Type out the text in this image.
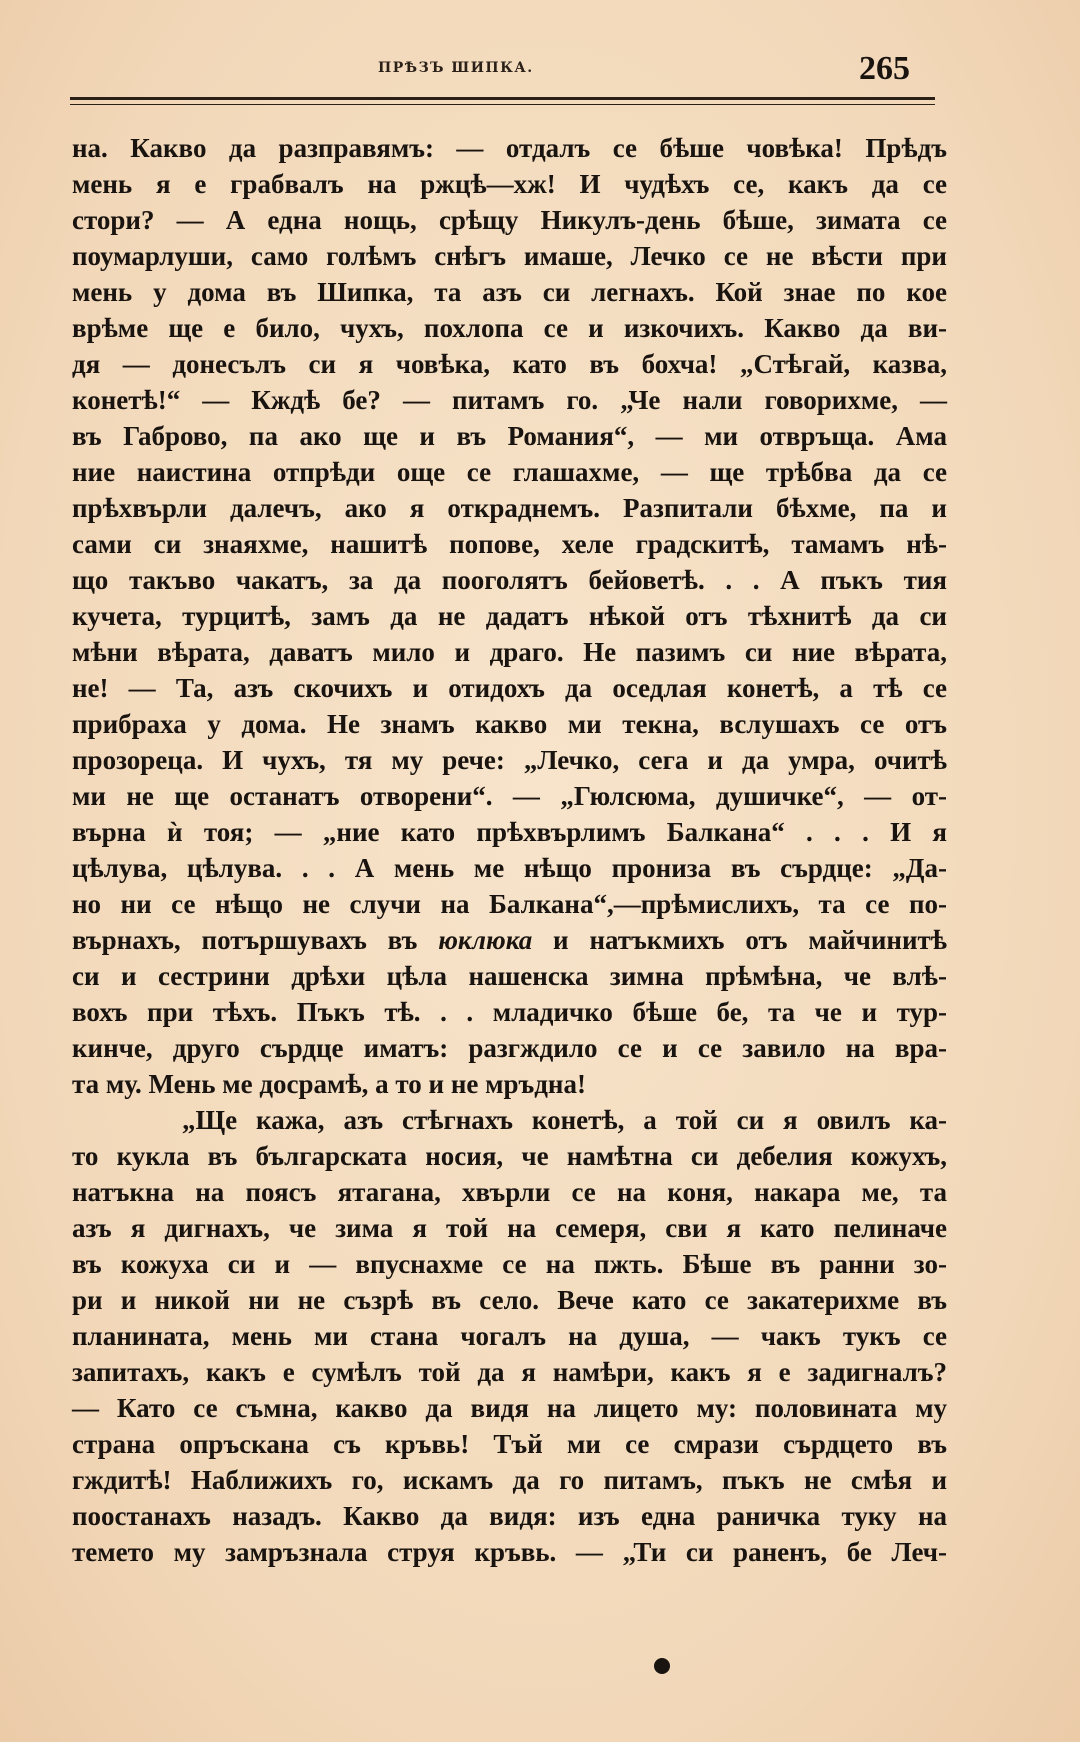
ПРѢЗЪ ШИПКА.	265
на. Какво да разправямъ: — отдалъ се бѣше човѣка! Прѣдъ
мень я е грабвалъ на ржцѣ—хж! И чудѣхъ се, какъ да се
стори? — А една нощь, срѣщу Никулъ-день бѣше, зимата се
поумарлуши, само голѣмъ снѣгъ имаше, Лечко се не вѣсти при
мень у дома въ Шипка, та азъ си легнахъ. Кой знае по кое
врѣме ще е било, чухъ, похлопа се и изкочихъ. Какво да ви-
дя — донесълъ си я човѣка, като въ бохча! „Стѣгай, казва,
конетѣ!“ — Кждѣ бе? — питамъ го. „Че нали говорихме, —
въ Габрово, па ако ще и въ Романия“, — ми отвръща. Ама
ние наистина отпрѣди още се глашахме, — ще трѣбва да се
прѣхвърли далечъ, ако я откраднемъ. Разпитали бѣхме, па и
сами си знаяхме, нашитѣ попове, хеле градскитѣ, тамамъ нѣ-
що такъво чакатъ, за да пооголятъ бейоветѣ. . . А пъкъ тия
кучета, турцитѣ, замъ да не дадатъ нѣкой отъ тѣхнитѣ да си
мѣни вѣрата, даватъ мило и драго. Не пазимъ си ние вѣрата,
не! — Та, азъ скочихъ и отидохъ да оседлая конетѣ, а тѣ се
прибраха у дома. Не знамъ какво ми текна, вслушахъ се отъ
прозореца. И чухъ, тя му рече: „Лечко, сега и да умра, очитѣ
ми не ще останатъ отворени“. — „Гюлсюма, душичке“, — от-
върна ѝ тоя; — „ние като прѣхвърлимъ Балкана“ . . . И я
цѣлува, цѣлува. . . А мень ме нѣщо прониза въ сърдце: „Да-
но ни се нѣщо не случи на Балкана“,—прѣмислихъ, та се по-
върнахъ, потършувахъ въ юклюка и натъкмихъ отъ майчинитѣ
си и сестрини дрѣхи цѣла нашенска зимна прѣмѣна, че влѣ-
вохъ при тѣхъ. Пъкъ тѣ. . . младичко бѣше бе, та че и тур-
кинче, друго сърдце иматъ: разгждило се и се завило на вра-
та му. Мень ме досрамѣ, а то и не мръдна!
„Ще кажа, азъ стѣгнахъ конетѣ, а той си я овилъ ка-
то кукла въ българската носия, че намѣтна си дебелия кожухъ,
натъкна на поясъ ятагана, хвърли се на коня, накара ме, та
азъ я дигнахъ, че зима я той на семеря, сви я като пелиначе
въ кожуха си и — впуснахме се на пжть. Бѣше въ ранни зо-
ри и никой ни не съзрѣ въ село. Вече като се закатерихме въ
планината, мень ми стана чогалъ на душа, — чакъ тукъ се
запитахъ, какъ е сумѣлъ той да я намѣри, какъ я е задигналъ?
— Като се съмна, какво да видя на лицето му: половината му
страна опръскана съ кръвь! Тъй ми се смрази сърдцето въ
гждитѣ! Наближихъ го, искамъ да го питамъ, пъкъ не смѣя и
поостанахъ назадъ. Какво да видя: изъ една раничка туку на
темето му замръзнала струя кръвь. — „Ти си раненъ, бе Леч-
